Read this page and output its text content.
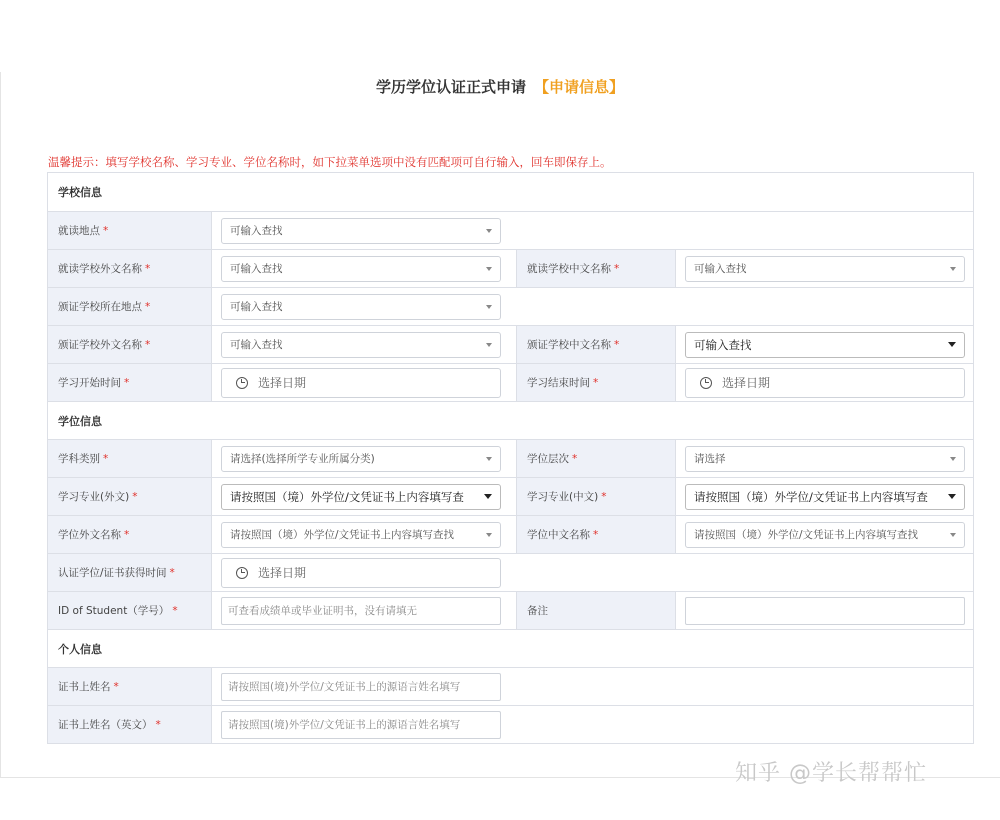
学历学位认证正式申请 【申请信息】
温馨提示：填写学校名称、学习专业、学位名称时，如下拉菜单选项中没有匹配项可自行输入，回车即保存上。
学校信息
就读地点 *	可输入查找
就读学校外文名称 *	可输入查找	就读学校中文名称 *	可输入查找
颁证学校所在地点 *	可输入查找
颁证学校外文名称 *	可输入查找	颁证学校中文名称 *	可输入查找
学习开始时间 *	选择日期	学习结束时间 *	选择日期
学位信息
学科类别 *	请选择(选择所学专业所属分类)	学位层次 *	请选择
学习专业(外文) *	请按照国（境）外学位/文凭证书上内容填写查	学习专业(中文) *	请按照国（境）外学位/文凭证书上内容填写查
学位外文名称 *	请按照国（境）外学位/文凭证书上内容填写查找	学位中文名称 *	请按照国（境）外学位/文凭证书上内容填写查找
认证学位/证书获得时间 *	选择日期
ID of Student（学号） *	可查看成绩单或毕业证明书，没有请填无	备注
个人信息
证书上姓名 *	请按照国(境)外学位/文凭证书上的源语言姓名填写
证书上姓名（英文） *	请按照国(境)外学位/文凭证书上的源语言姓名填写
知乎 @学长帮帮忙
